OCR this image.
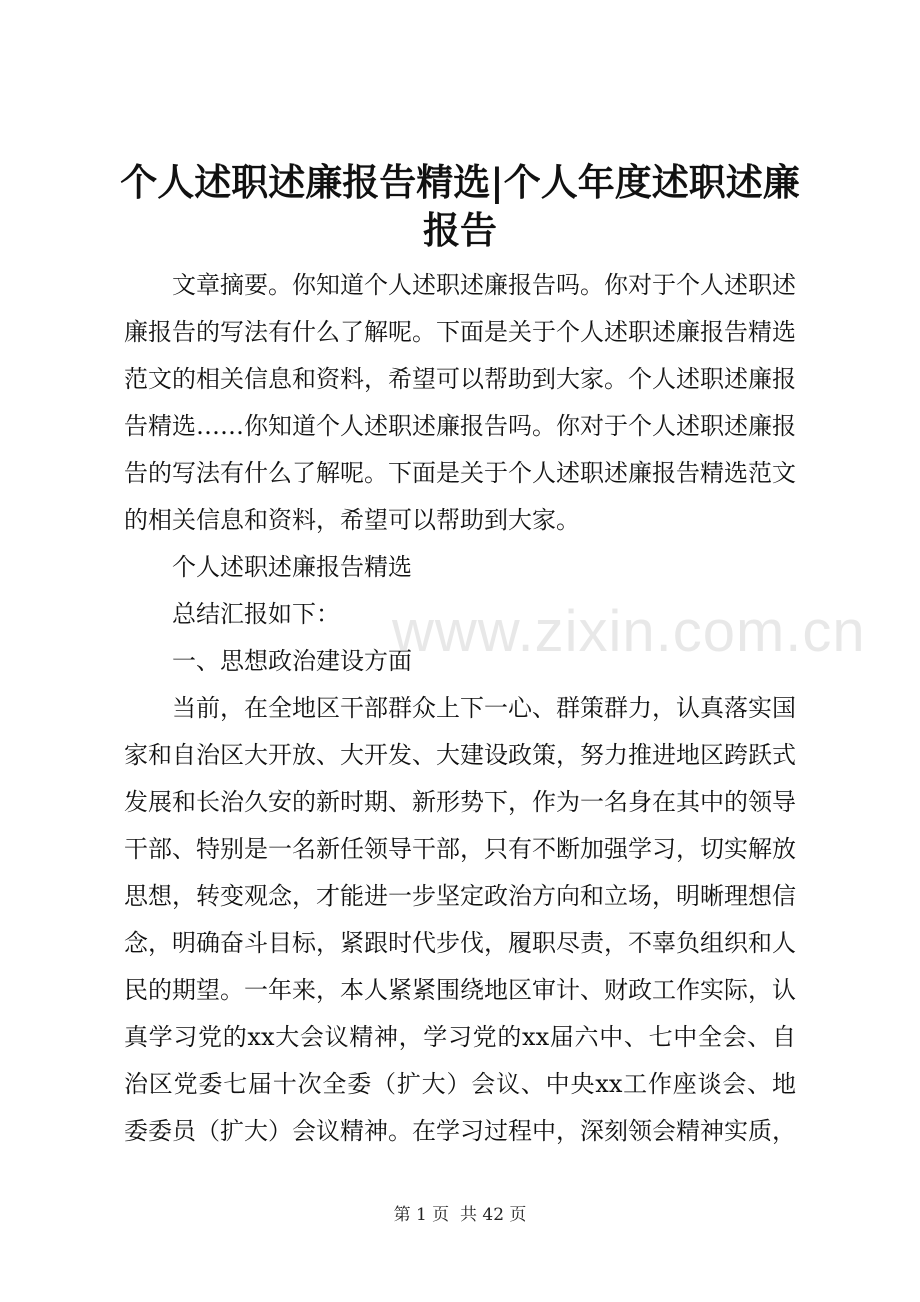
个人述职述廉报告精选|个人年度述职述廉报告

文章摘要。你知道个人述职述廉报告吗。你对于个人述职述廉报告的写法有什么了解呢。下面是关于个人述职述廉报告精选范文的相关信息和资料，希望可以帮助到大家。个人述职述廉报告精选……你知道个人述职述廉报告吗。你对于个人述职述廉报告的写法有什么了解呢。下面是关于个人述职述廉报告精选范文的相关信息和资料，希望可以帮助到大家。

个人述职述廉报告精选

总结汇报如下：

一、思想政治建设方面

当前，在全地区干部群众上下一心、群策群力，认真落实国家和自治区大开放、大开发、大建设政策，努力推进地区跨跃式发展和长治久安的新时期、新形势下，作为一名身在其中的领导干部、特别是一名新任领导干部，只有不断加强学习，切实解放思想，转变观念，才能进一步坚定政治方向和立场，明晰理想信念，明确奋斗目标，紧跟时代步伐，履职尽责，不辜负组织和人民的期望。一年来，本人紧紧围绕地区审计、财政工作实际，认真学习党的xx大会议精神，学习党的xx届六中、七中全会、自治区党委七届十次全委（扩大）会议、中央xx工作座谈会、地委委员（扩大）会议精神。在学习过程中，深刻领会精神实质，

www.zixin.com.cn
第 1 页  共 42 页
